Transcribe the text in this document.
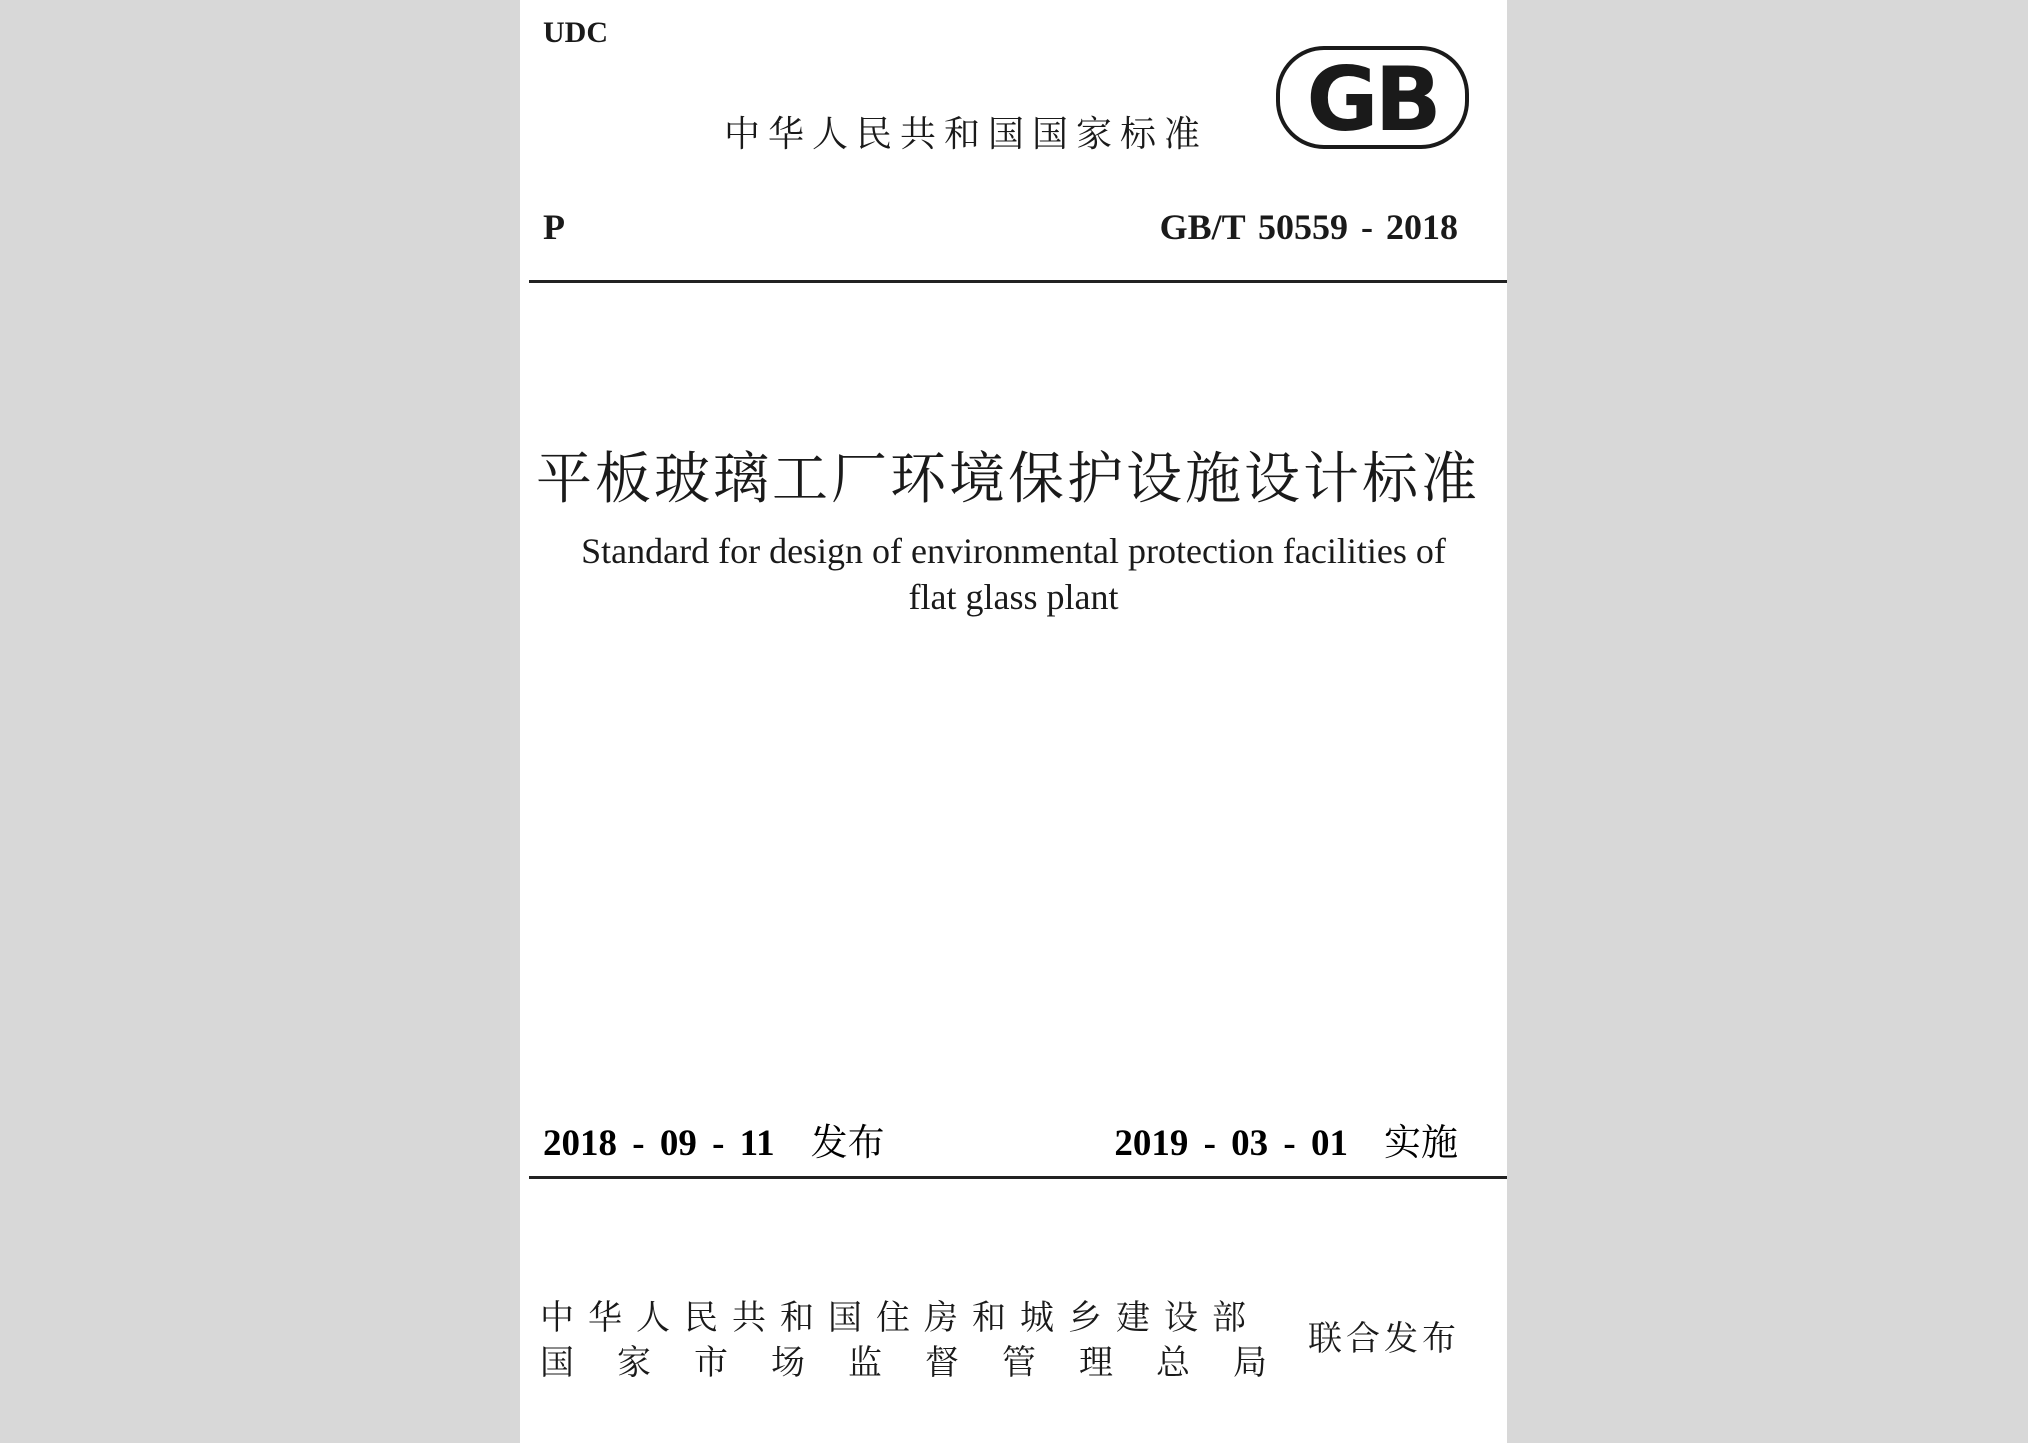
UDC
中华人民共和国国家标准 GB
P	GB/T 50559 - 2018
平板玻璃工厂环境保护设施设计标准
Standard for design of environmental protection facilities of
flat glass plant
2018 - 09 - 11 发布	2019 - 03 - 01 实施
中华人民共和国住房和城乡建设部
国家市场监督管理总局
联合发布
